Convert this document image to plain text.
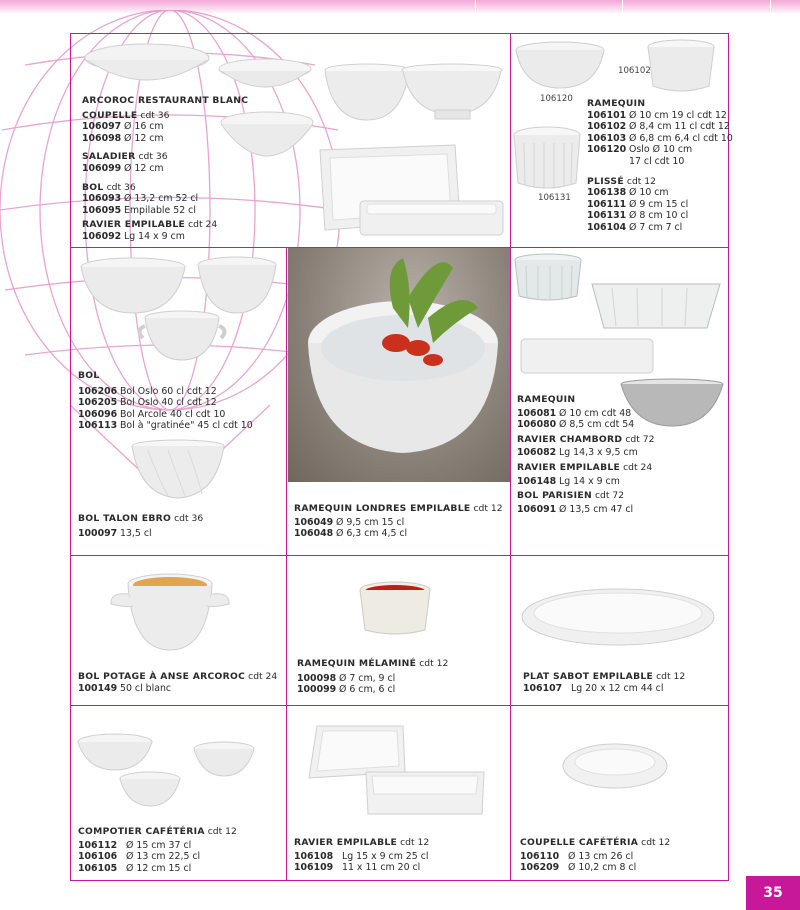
106120
106102
106131
ARCOROC RESTAURANT BLANC
COUPELLE cdt 36
106097 Ø 16 cm
106098 Ø 12 cm
SALADIER cdt 36
106099 Ø 12 cm
BOL cdt 36
106093 Ø 13,2 cm 52 cl
106095 Empilable 52 cl
RAVIER EMPILABLE cdt 24
106092 Lg 14 x 9 cm
RAMEQUIN
106101 Ø 10 cm 19 cl cdt 12
106102 Ø 8,4 cm 11 cl cdt 12
106103 Ø 6,8 cm 6,4 cl cdt 10
106120 Oslo Ø 10 cm
17 cl cdt 10
PLISSÉ cdt 12
106138 Ø 10 cm
106111 Ø 9 cm 15 cl
106131 Ø 8 cm 10 cl
106104 Ø 7 cm 7 cl
BOL
106206 Bol Oslo 60 cl cdt 12
106205 Bol Oslo 40 cl cdt 12
106096 Bol Arcole 40 cl cdt 10
106113 Bol à "gratinée" 45 cl cdt 10
BOL TALON EBRO cdt 36
100097 13,5 cl
RAMEQUIN LONDRES EMPILABLE cdt 12
106049 Ø 9,5 cm 15 cl
106048 Ø 6,3 cm 4,5 cl
RAMEQUIN
106081 Ø 10 cm cdt 48
106080 Ø 8,5 cm cdt 54
RAVIER CHAMBORD cdt 72
106082 Lg 14,3 x 9,5 cm
RAVIER EMPILABLE cdt 24
106148 Lg 14 x 9 cm
BOL PARISIEN cdt 72
106091 Ø 13,5 cm 47 cl
BOL POTAGE À ANSE ARCOROC cdt 24
100149 50 cl blanc
RAMEQUIN MÉLAMINÉ cdt 12
100098 Ø 7 cm, 9 cl
100099 Ø 6 cm, 6 cl
PLAT SABOT EMPILABLE cdt 12
106107 Lg 20 x 12 cm 44 cl
COMPOTIER CAFÉTÉRIA cdt 12
106112 Ø 15 cm 37 cl
106106 Ø 13 cm 22,5 cl
106105 Ø 12 cm 15 cl
RAVIER EMPILABLE cdt 12
106108 Lg 15 x 9 cm 25 cl
106109 11 x 11 cm 20 cl
COUPELLE CAFÉTÉRIA cdt 12
106110 Ø 13 cm 26 cl
106209 Ø 10,2 cm 8 cl
35
